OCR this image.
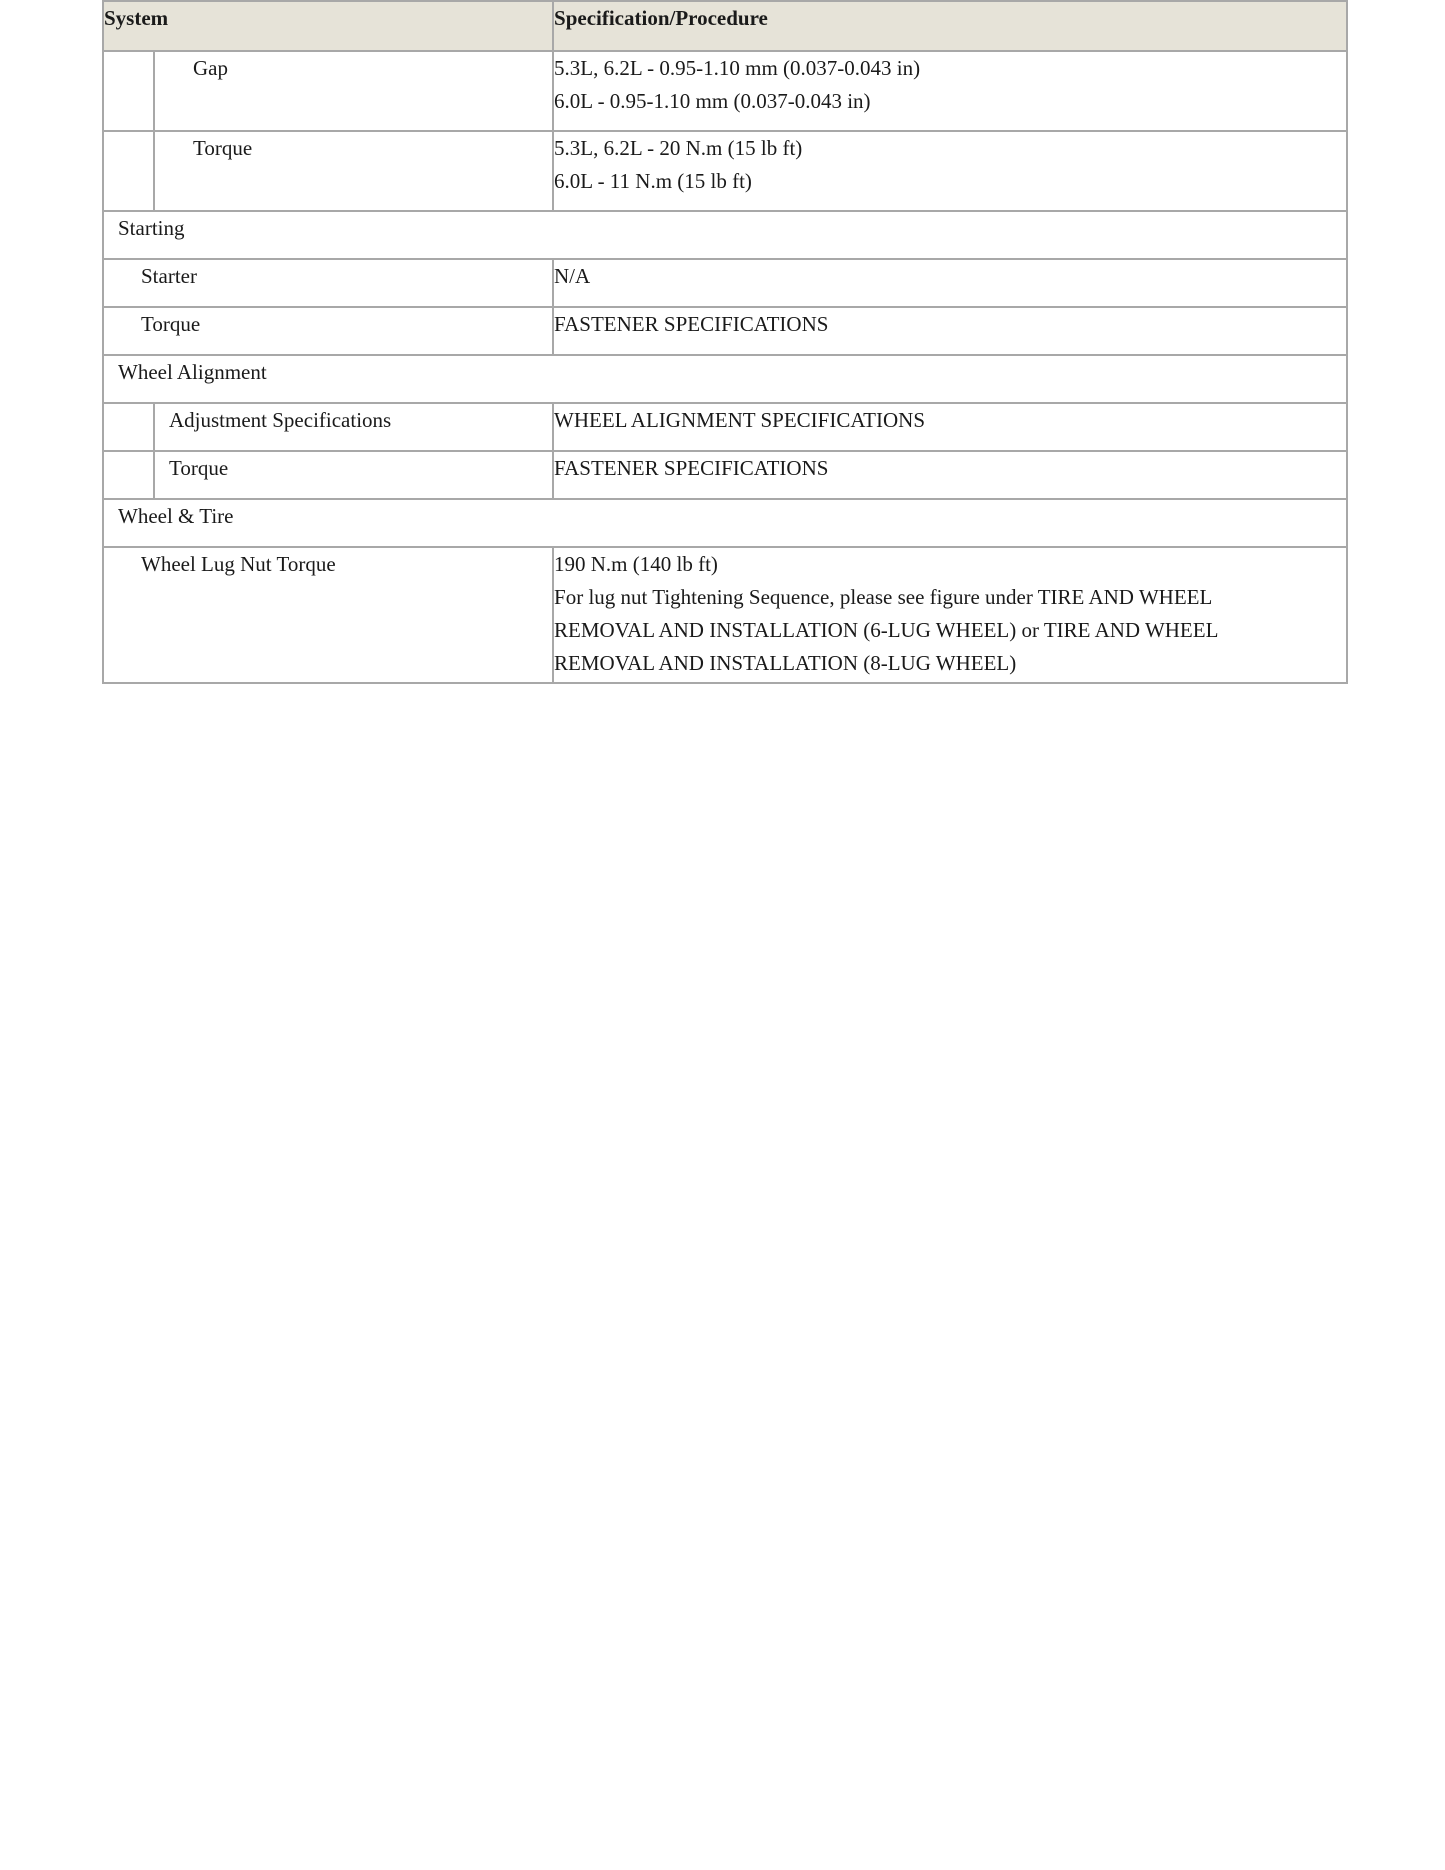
System		Specification/Procedure
	Gap	5.3L, 6.2L - 0.95-1.10 mm (0.037-0.043 in)
6.0L - 0.95-1.10 mm (0.037-0.043 in)

	Torque	5.3L, 6.2L - 20 N.m (15 lb ft)
6.0L - 11 N.m (15 lb ft)

Starting		
Starter		N/A
Torque		FASTENER SPECIFICATIONS
Wheel Alignment		
	Adjustment Specifications	WHEEL ALIGNMENT SPECIFICATIONS
	Torque	FASTENER SPECIFICATIONS
Wheel & Tire		
Wheel Lug Nut Torque		190 N.m (140 lb ft)
For lug nut Tightening Sequence, please see figure under TIRE AND WHEEL REMOVAL AND INSTALLATION (6-LUG WHEEL) or TIRE AND WHEEL REMOVAL AND INSTALLATION (8-LUG WHEEL)
